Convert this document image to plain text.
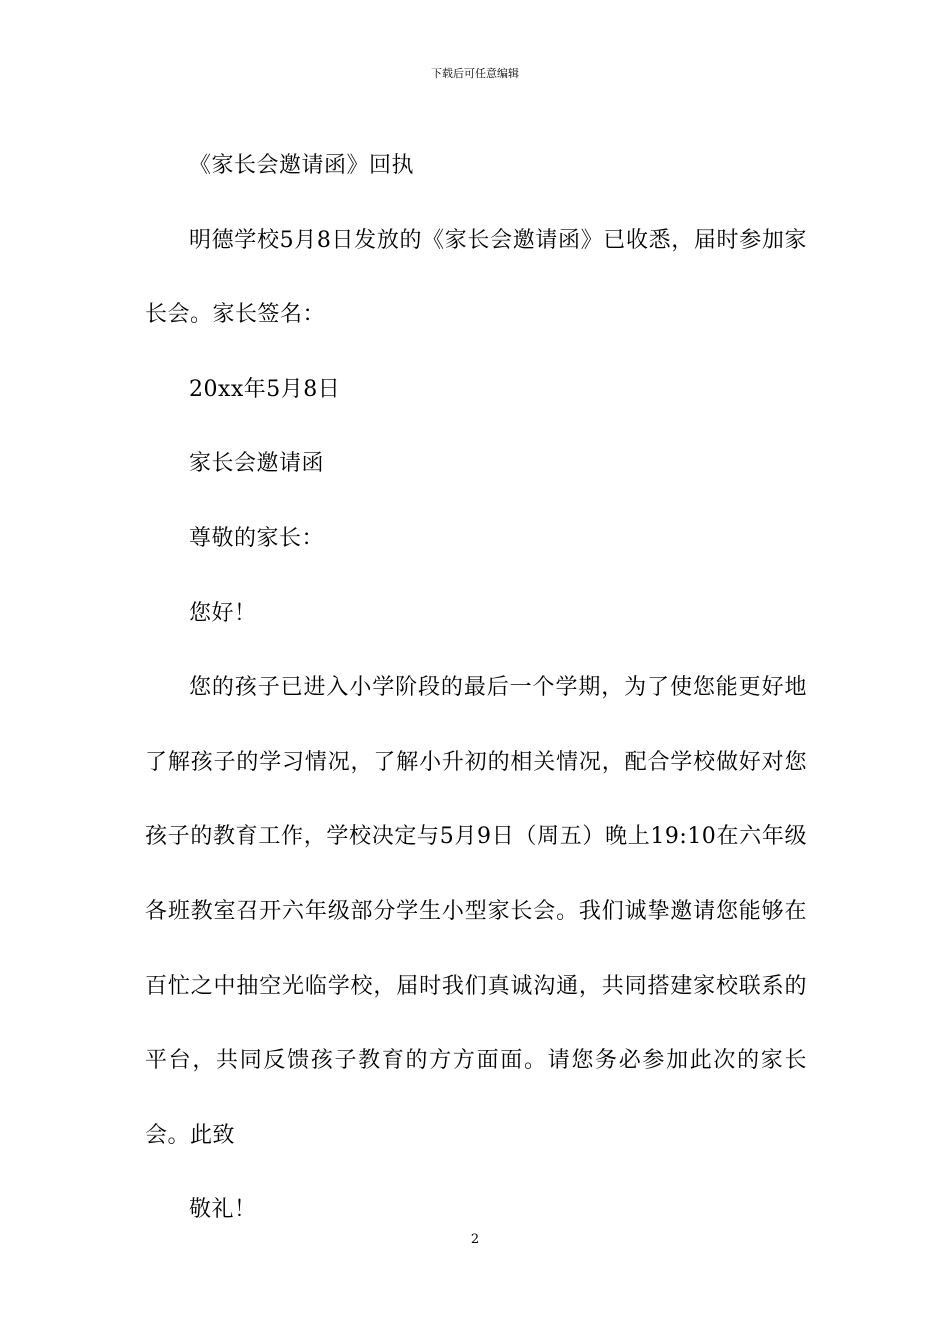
下载后可任意编辑

《家长会邀请函》回执

明德学校5月8日发放的《家长会邀请函》已收悉，届时参加家长会。家长签名：

20xx年5月8日

家长会邀请函

尊敬的家长：

您好！

您的孩子已进入小学阶段的最后一个学期，为了使您能更好地了解孩子的学习情况，了解小升初的相关情况，配合学校做好对您孩子的教育工作，学校决定与5月9日（周五）晚上19:10在六年级各班教室召开六年级部分学生小型家长会。我们诚挚邀请您能够在百忙之中抽空光临学校，届时我们真诚沟通，共同搭建家校联系的平台，共同反馈孩子教育的方方面面。请您务必参加此次的家长会。此致

敬礼！

2
